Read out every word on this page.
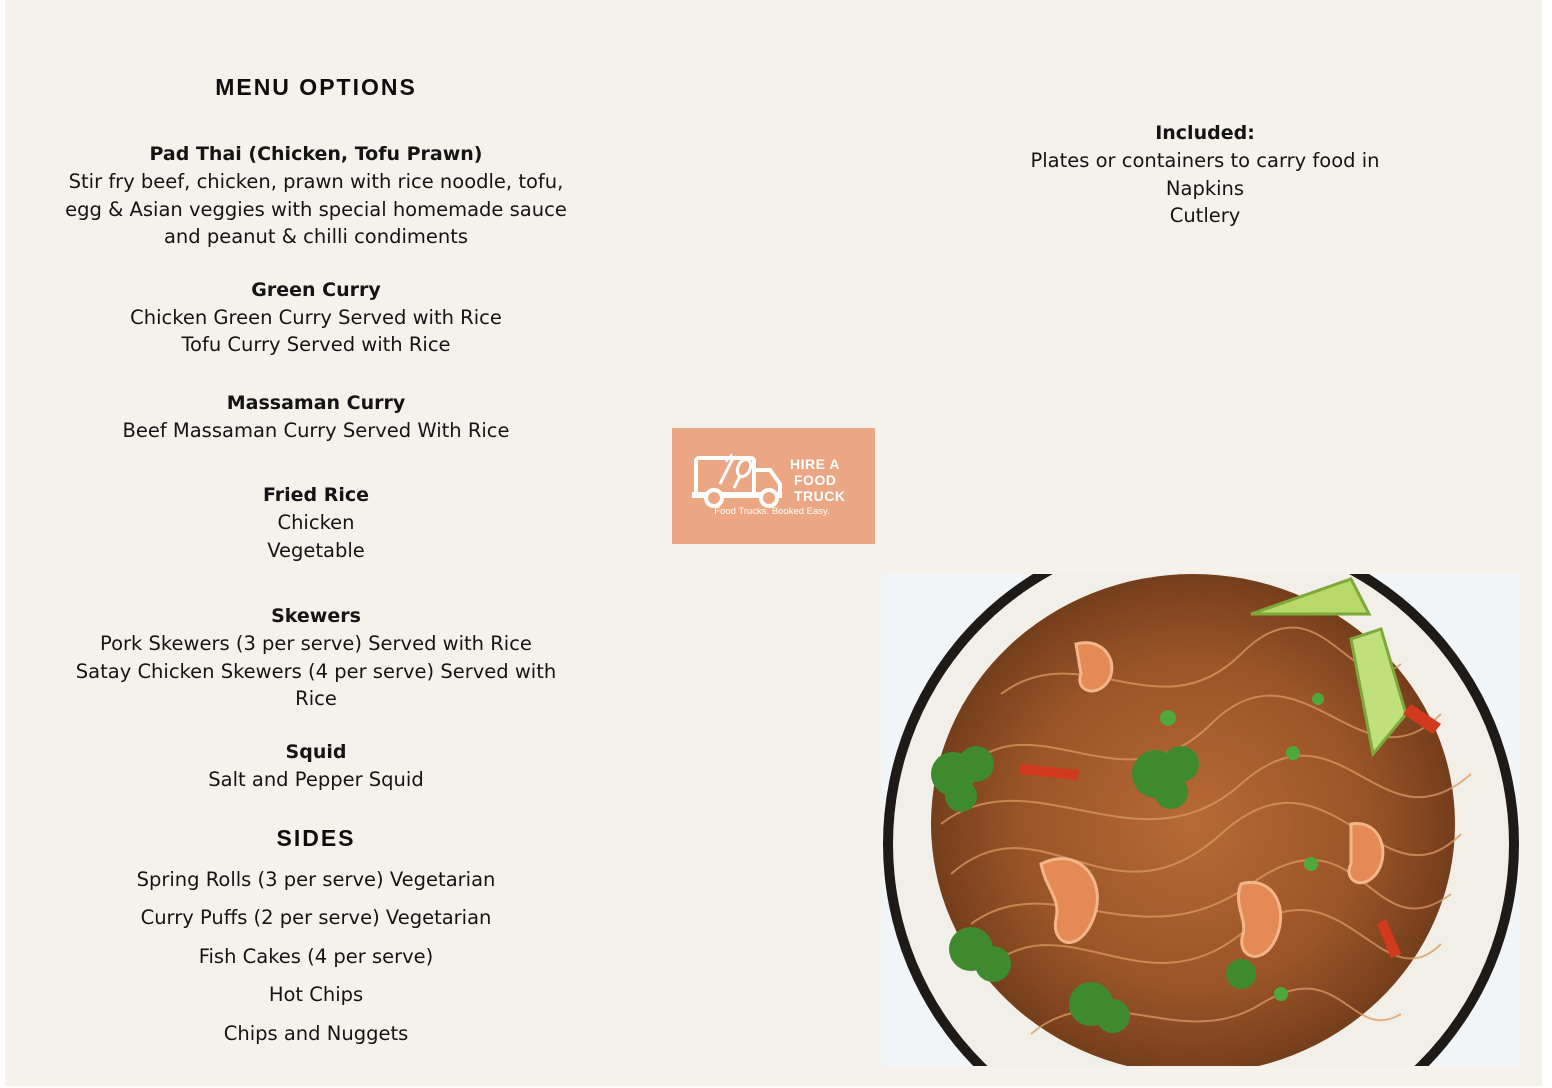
MENU OPTIONS
Pad Thai (Chicken, Tofu Prawn)
Stir fry beef, chicken, prawn with rice noodle, tofu,
egg & Asian veggies with special homemade sauce
and peanut & chilli condiments
Green Curry
Chicken Green Curry Served with Rice
Tofu Curry Served with Rice
Massaman Curry
Beef Massaman Curry Served With Rice
Fried Rice
Chicken
Vegetable
Skewers
Pork Skewers (3 per serve) Served with Rice
Satay Chicken Skewers (4 per serve) Served with
Rice
Squid
Salt and Pepper Squid
SIDES
Spring Rolls (3 per serve) Vegetarian
Curry Puffs (2 per serve) Vegetarian
Fish Cakes (4 per serve)
Hot Chips
Chips and Nuggets
Included:
Plates or containers to carry food in
Napkins
Cutlery
HIRE A
FOOD
TRUCK
Food Trucks. Booked Easy.
